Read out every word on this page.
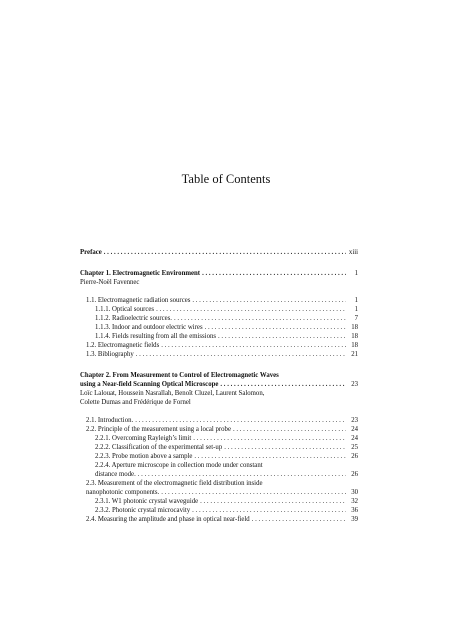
Table of Contents
Preface . . .	xiii
Chapter 1. Electromagnetic Environment . . .	1
Pierre-Noël Favennec
1.1. Electromagnetic radiation sources . . .	1
1.1.1. Optical sources . . .	1
1.1.2. Radioelectric sources. . . .	7
1.1.3. Indoor and outdoor electric wires . . .	18
1.1.4. Fields resulting from all the emissions . . .	18
1.2. Electromagnetic fields . . .	18
1.3. Bibliography . . .	21
Chapter 2. From Measurement to Control of Electromagnetic Waves
using a Near-field Scanning Optical Microscope . . .	23
Loïc Lalouat, Houssein Nasrallah, Benoît Cluzel, Laurent Salomon,
Colette Dumas and Frédérique de Fornel
2.1. Introduction. . . .	23
2.2. Principle of the measurement using a local probe . . .	24
2.2.1. Overcoming Rayleigh’s limit . . .	24
2.2.2. Classification of the experimental set-up . . .	25
2.2.3. Probe motion above a sample . . .	26
2.2.4. Aperture microscope in collection mode under constant
distance mode. . . .	26
2.3. Measurement of the electromagnetic field distribution inside
nanophotonic components. . . .	30
2.3.1. W1 photonic crystal waveguide . . .	32
2.3.2. Photonic crystal microcavity . . .	36
2.4. Measuring the amplitude and phase in optical near-field . . .	39
